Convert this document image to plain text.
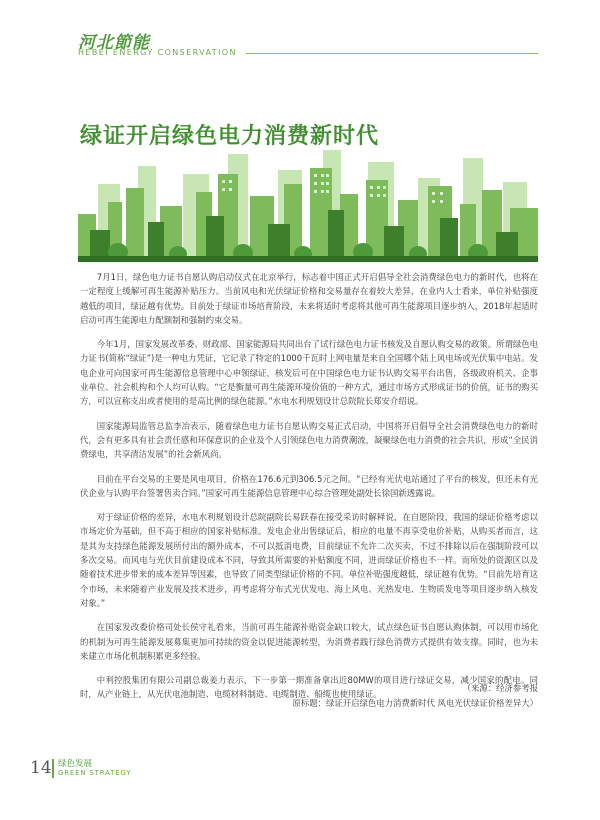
河北節能
HEBEI ENERGY CONSERVATION
绿证开启绿色电力消费新时代

7月1日，绿色电力证书自愿认购启动仪式在北京举行，标志着中国正式开启倡导全社会消费绿色电力的新时代，也将在一定程度上缓解可再生能源补贴压力。当前风电和光伏绿证价格和交易量存在着较大差异，在业内人士看来，单位补贴强度越低的项目，绿证越有优势。目前处于绿证市场培育阶段，未来将适时考虑将其他可再生能源项目逐步纳入，2018年起适时启动可再生能源电力配额制和强制约束交易。

今年1月，国家发展改革委、财政部、国家能源局共同出台了试行绿色电力证书核发及自愿认购交易的政策。所谓绿色电力证书(简称“绿证”)是一种电力凭证，它记录了特定的1000千瓦时上网电量是来自全国哪个陆上风电场或光伏集中电站。发电企业可向国家可再生能源信息管理中心申领绿证，核发后可在中国绿色电力证书认购交易平台出售，各级政府机关、企事业单位、社会机构和个人均可认购。“它是衡量可再生能源环境价值的一种方式，通过市场方式形成证书的价值，证书的购买方，可以宣称支出或者使用的是高比例的绿色能源。”水电水利规划设计总院院长郑安介绍说。

国家能源局监管总监李冶表示，随着绿色电力证书自愿认购交易正式启动，中国将开启倡导全社会消费绿色电力的新时代，会有更多具有社会责任感和环保意识的企业及个人引领绿色电力消费潮流，凝聚绿色电力消费的社会共识，形成“全民消费绿电，共享清洁发展”的社会新风尚。

目前在平台交易的主要是风电项目，价格在176.6元到306.5元之间。“已经有光伏电站通过了平台的核发，但还未有光伏企业与认购平台签署售卖合同。”国家可再生能源信息管理中心综合管理处副处长徐国新透露说。

对于绿证价格的差异，水电水利规划设计总院副院长易跃春在接受采访时解释说，在自愿阶段，我国的绿证价格考虑以市场定价为基础，但不高于相应的国家补贴标准。发电企业出售绿证后，相应的电量不再享受电价补贴，从购买者而言，这是其为支持绿色能源发展所付出的额外成本，不可以抵消电费，目前绿证不允许二次买卖，不过不排除以后在强制阶段可以多次交易。而风电与光伏目前建设成本不同，导致其所需要的补贴额度不同，进而绿证价格也不一样。而所处的资源区以及随着技术进步带来的成本差异等因素，也导致了同类型绿证价格的不同。单位补贴强度越低，绿证越有优势。“目前先培育这个市场，未来随着产业发展及技术进步，再考虑将分布式光伏发电、海上风电、光热发电、生物质发电等项目逐步纳入核发对象。”

在国家发改委价格司处长侯守礼看来，当前可再生能源补贴资金缺口较大，试点绿色证书自愿认购体制，可以用市场化的机制为可再生能源发展募集更加可持续的资金以促进能源转型，为消费者践行绿色消费方式提供有效支撑。同时，也为未来建立市场化机制积累更多经验。

中利控股集团有限公司副总裁姜力表示，下一步第一期准备拿出近80MW的项目进行绿证交易，减少国家的配电。同时，从产业链上，从光伏电池制造、电缆材料制造、电缆制造、船缆也使用绿证。

（来源：经济参考报
原标题：绿证开启绿色电力消费新时代 风电光伏绿证价格差异大）
14 绿色发展
GREEN STRATEGY
